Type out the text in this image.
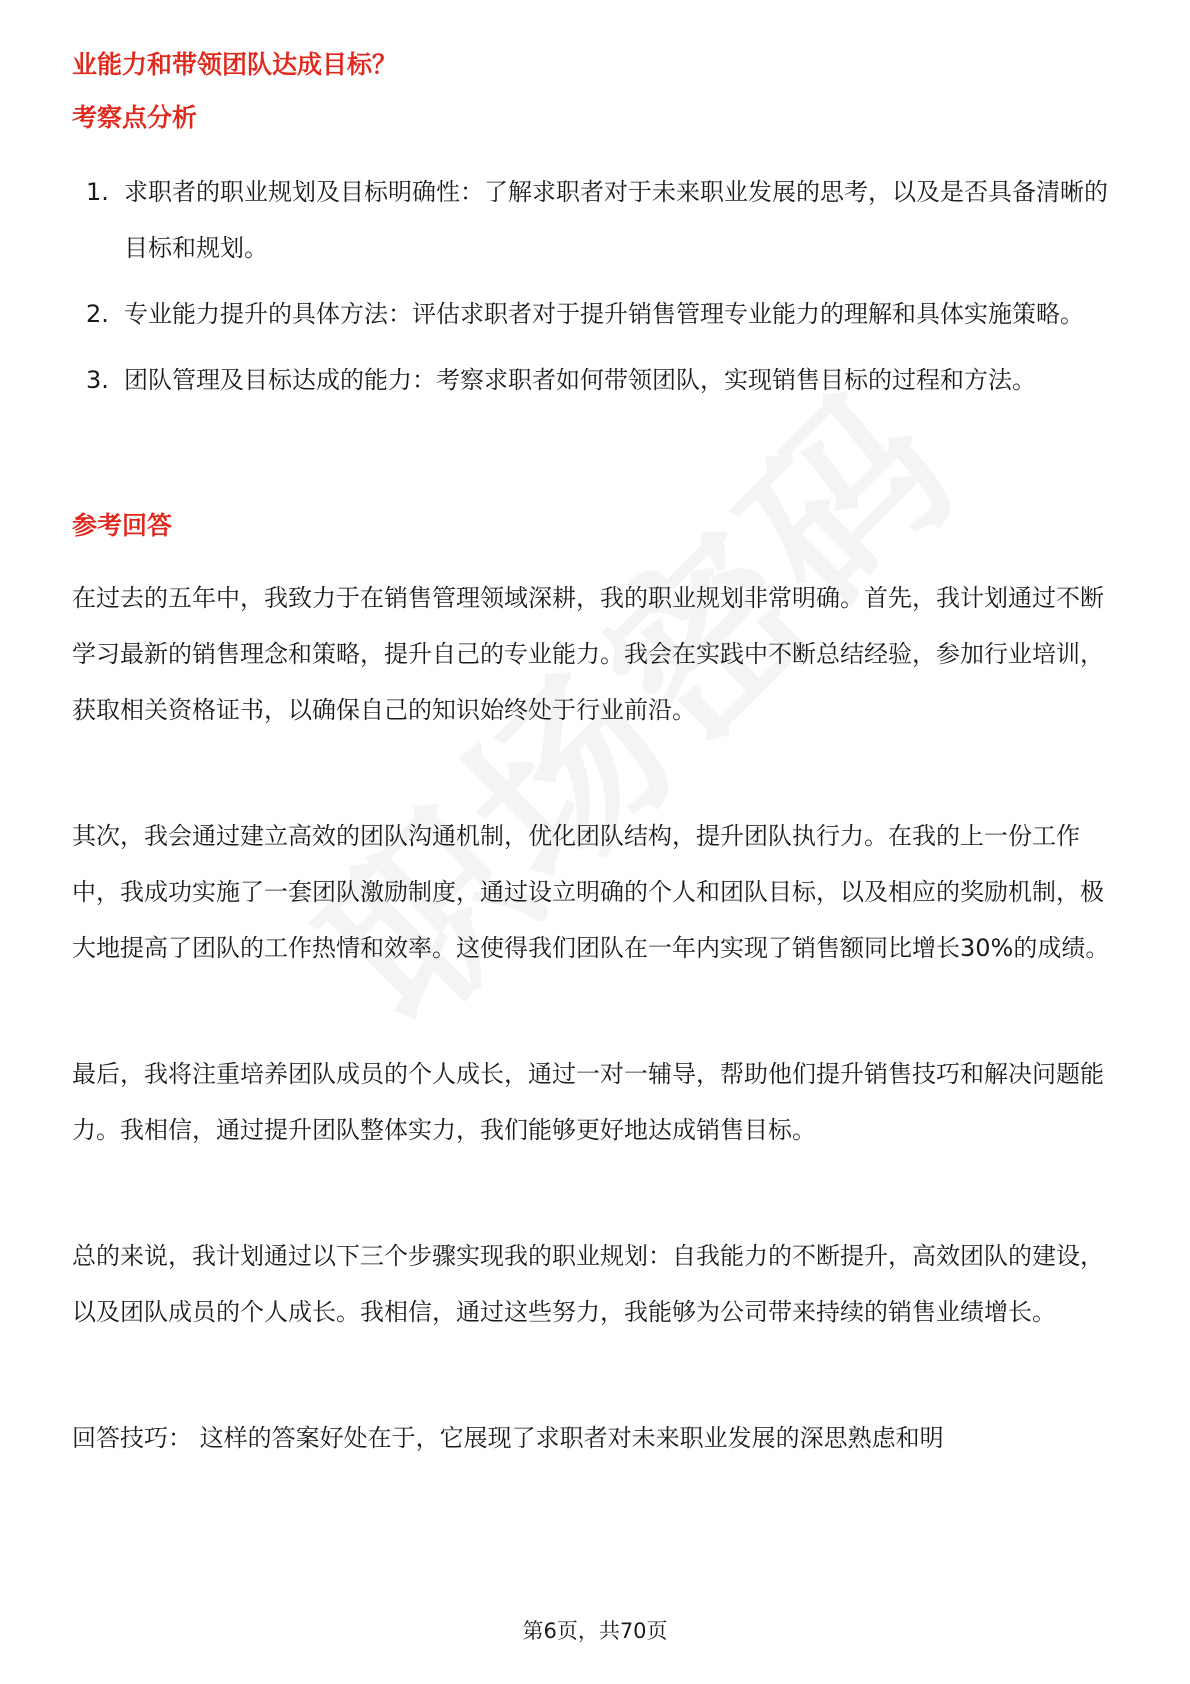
业能力和带领团队达成目标？
考察点分析
1. 求职者的职业规划及目标明确性：了解求职者对于未来职业发展的思考，以及是否具备清晰的目标和规划。
2. 专业能力提升的具体方法：评估求职者对于提升销售管理专业能力的理解和具体实施策略。
3. 团队管理及目标达成的能力：考察求职者如何带领团队，实现销售目标的过程和方法。
参考回答

在过去的五年中，我致力于在销售管理领域深耕，我的职业规划非常明确。首先，我计划通过不断学习最新的销售理念和策略，提升自己的专业能力。我会在实践中不断总结经验，参加行业培训，获取相关资格证书，以确保自己的知识始终处于行业前沿。

其次，我会通过建立高效的团队沟通机制，优化团队结构，提升团队执行力。在我的上一份工作中，我成功实施了一套团队激励制度，通过设立明确的个人和团队目标，以及相应的奖励机制，极大地提高了团队的工作热情和效率。这使得我们团队在一年内实现了销售额同比增长30%的成绩。

最后，我将注重培养团队成员的个人成长，通过一对一辅导，帮助他们提升销售技巧和解决问题能力。我相信，通过提升团队整体实力，我们能够更好地达成销售目标。

总的来说，我计划通过以下三个步骤实现我的职业规划：自我能力的不断提升，高效团队的建设，以及团队成员的个人成长。我相信，通过这些努力，我能够为公司带来持续的销售业绩增长。

回答技巧： 这样的答案好处在于，它展现了求职者对未来职业发展的深思熟虑和明

第6页，共70页
